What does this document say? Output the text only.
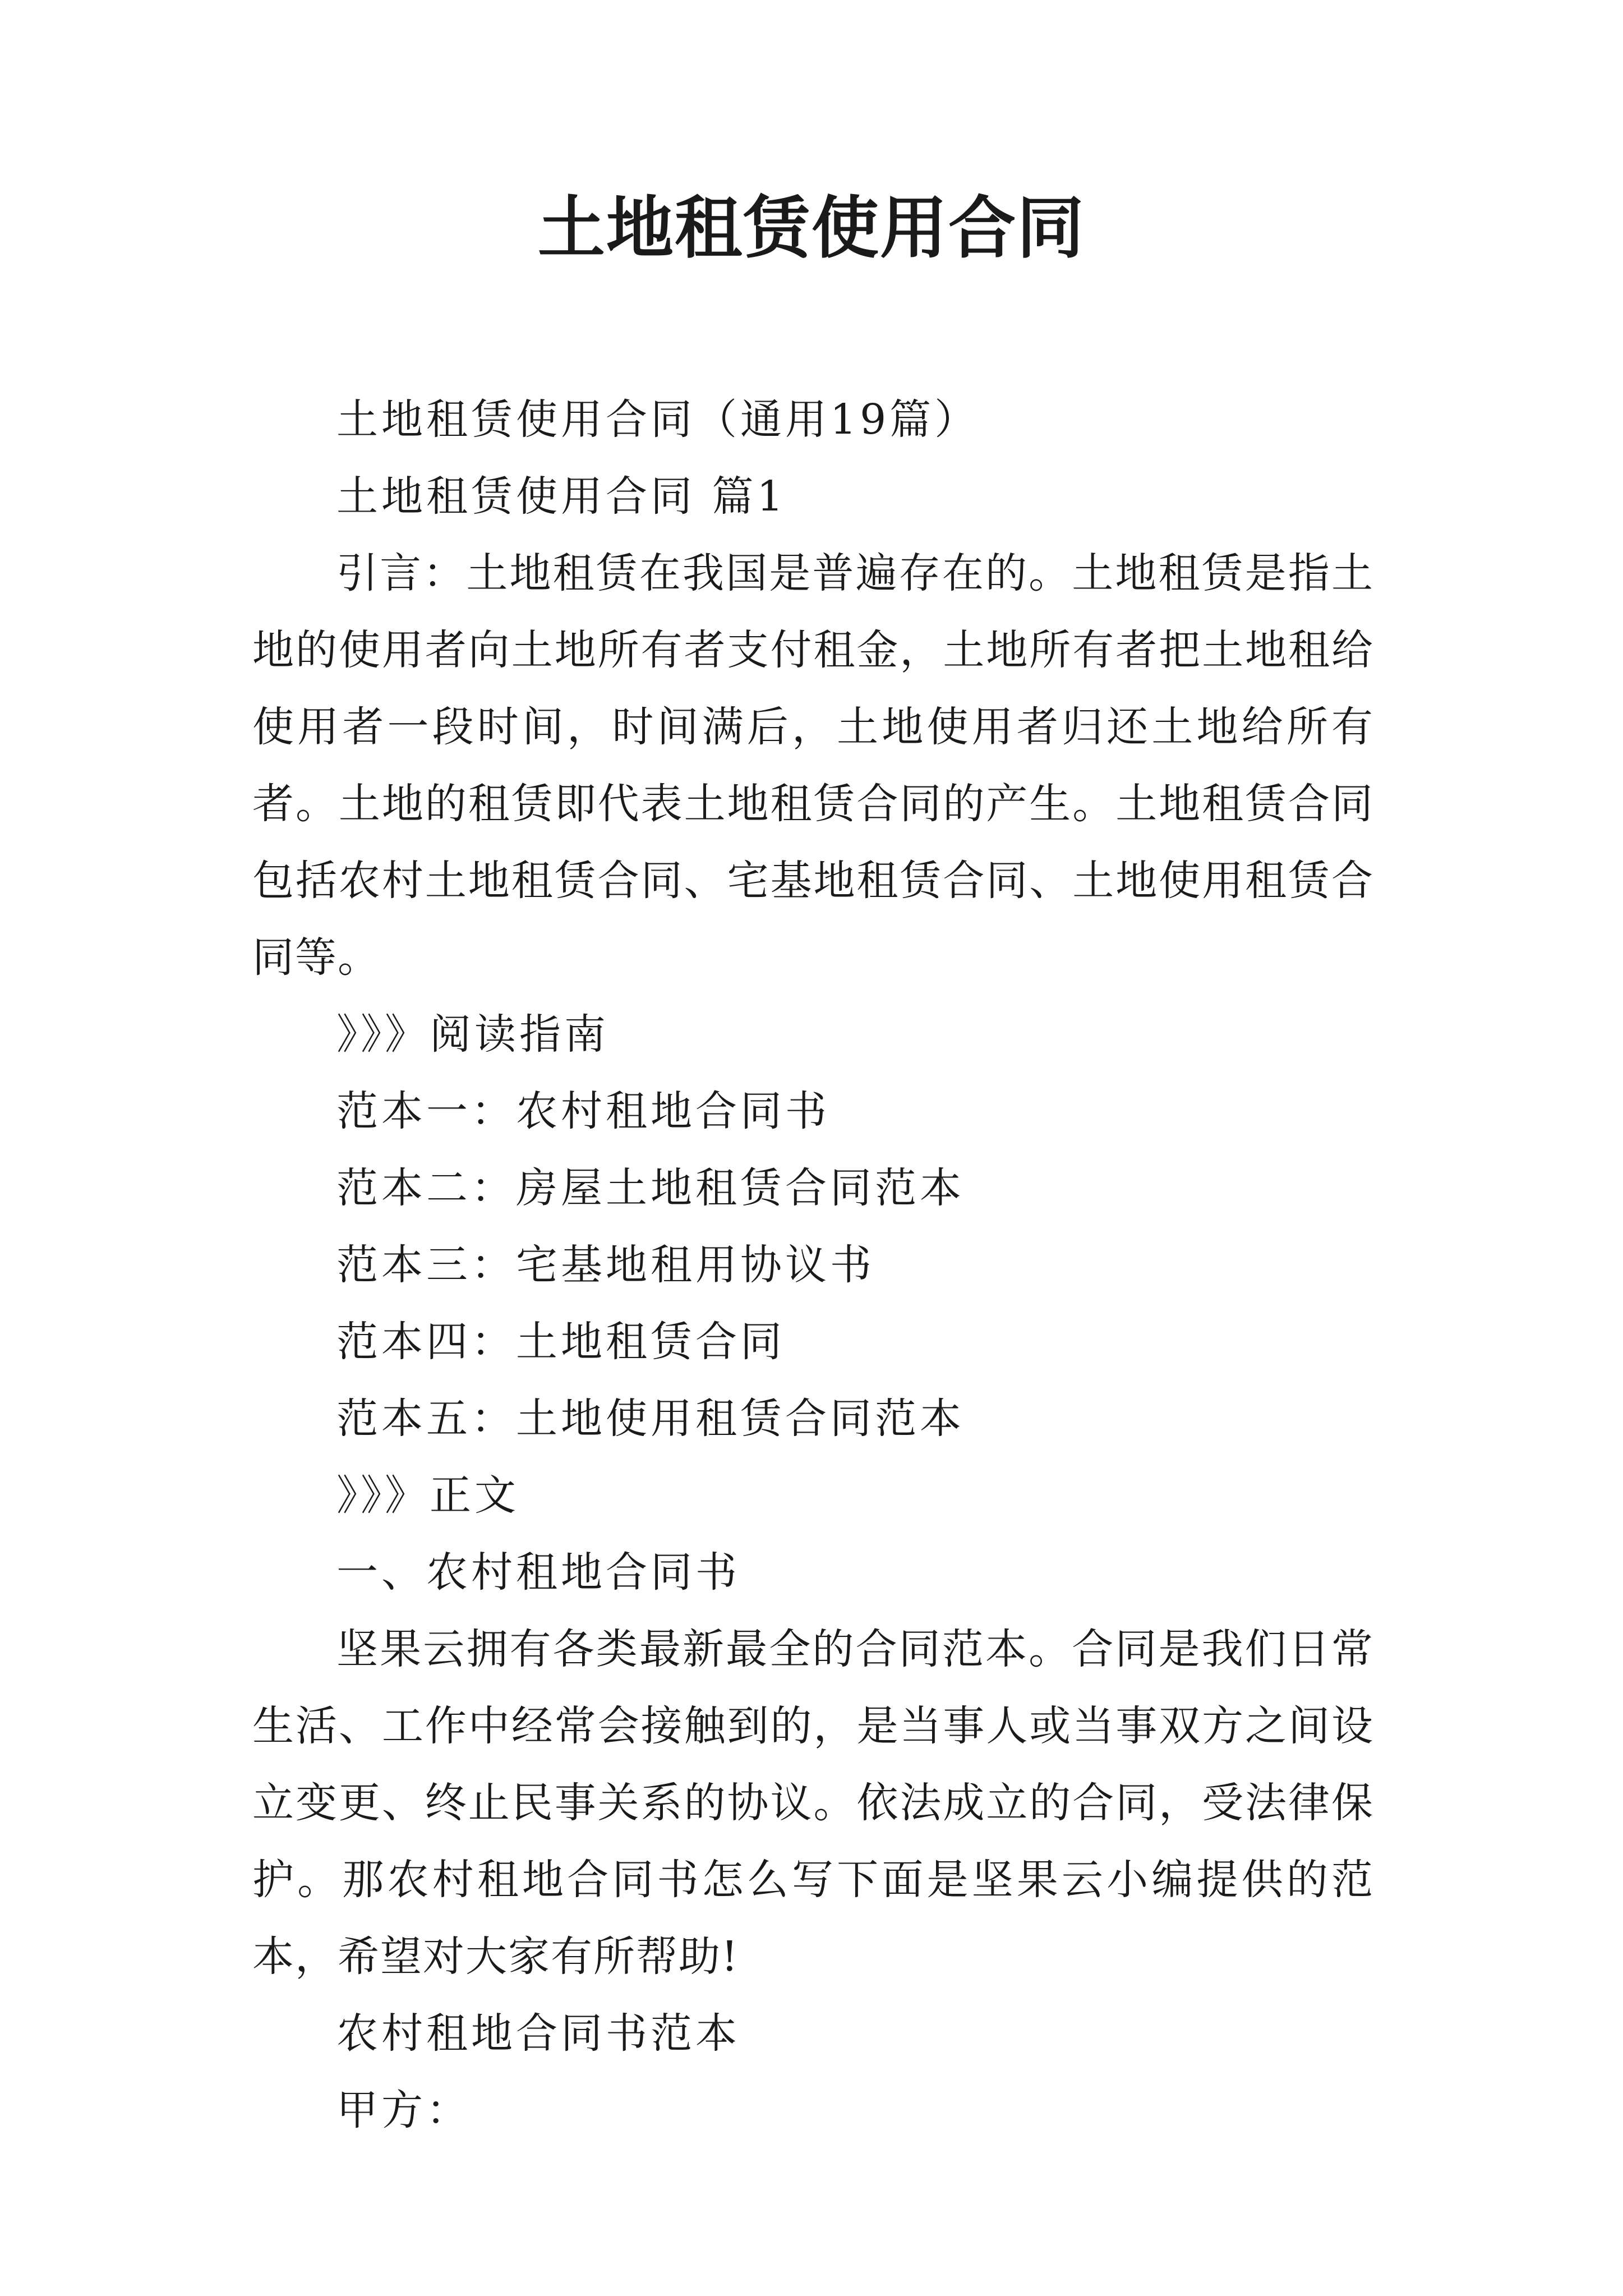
土地租赁使用合同

土地租赁使用合同（通用19篇）

土地租赁使用合同 篇1

引言：土地租赁在我国是普遍存在的。土地租赁是指土地的使用者向土地所有者支付租金，土地所有者把土地租给使用者一段时间，时间满后，土地使用者归还土地给所有者。土地的租赁即代表土地租赁合同的产生。土地租赁合同包括农村土地租赁合同、宅基地租赁合同、土地使用租赁合同等。

》》》阅读指南

范本一：农村租地合同书

范本二：房屋土地租赁合同范本

范本三：宅基地租用协议书

范本四：土地租赁合同

范本五：土地使用租赁合同范本

》》》正文

一、农村租地合同书

坚果云拥有各类最新最全的合同范本。合同是我们日常生活、工作中经常会接触到的，是当事人或当事双方之间设立变更、终止民事关系的协议。依法成立的合同，受法律保护。那农村租地合同书怎么写下面是坚果云小编提供的范本，希望对大家有所帮助!

农村租地合同书范本

甲方：
